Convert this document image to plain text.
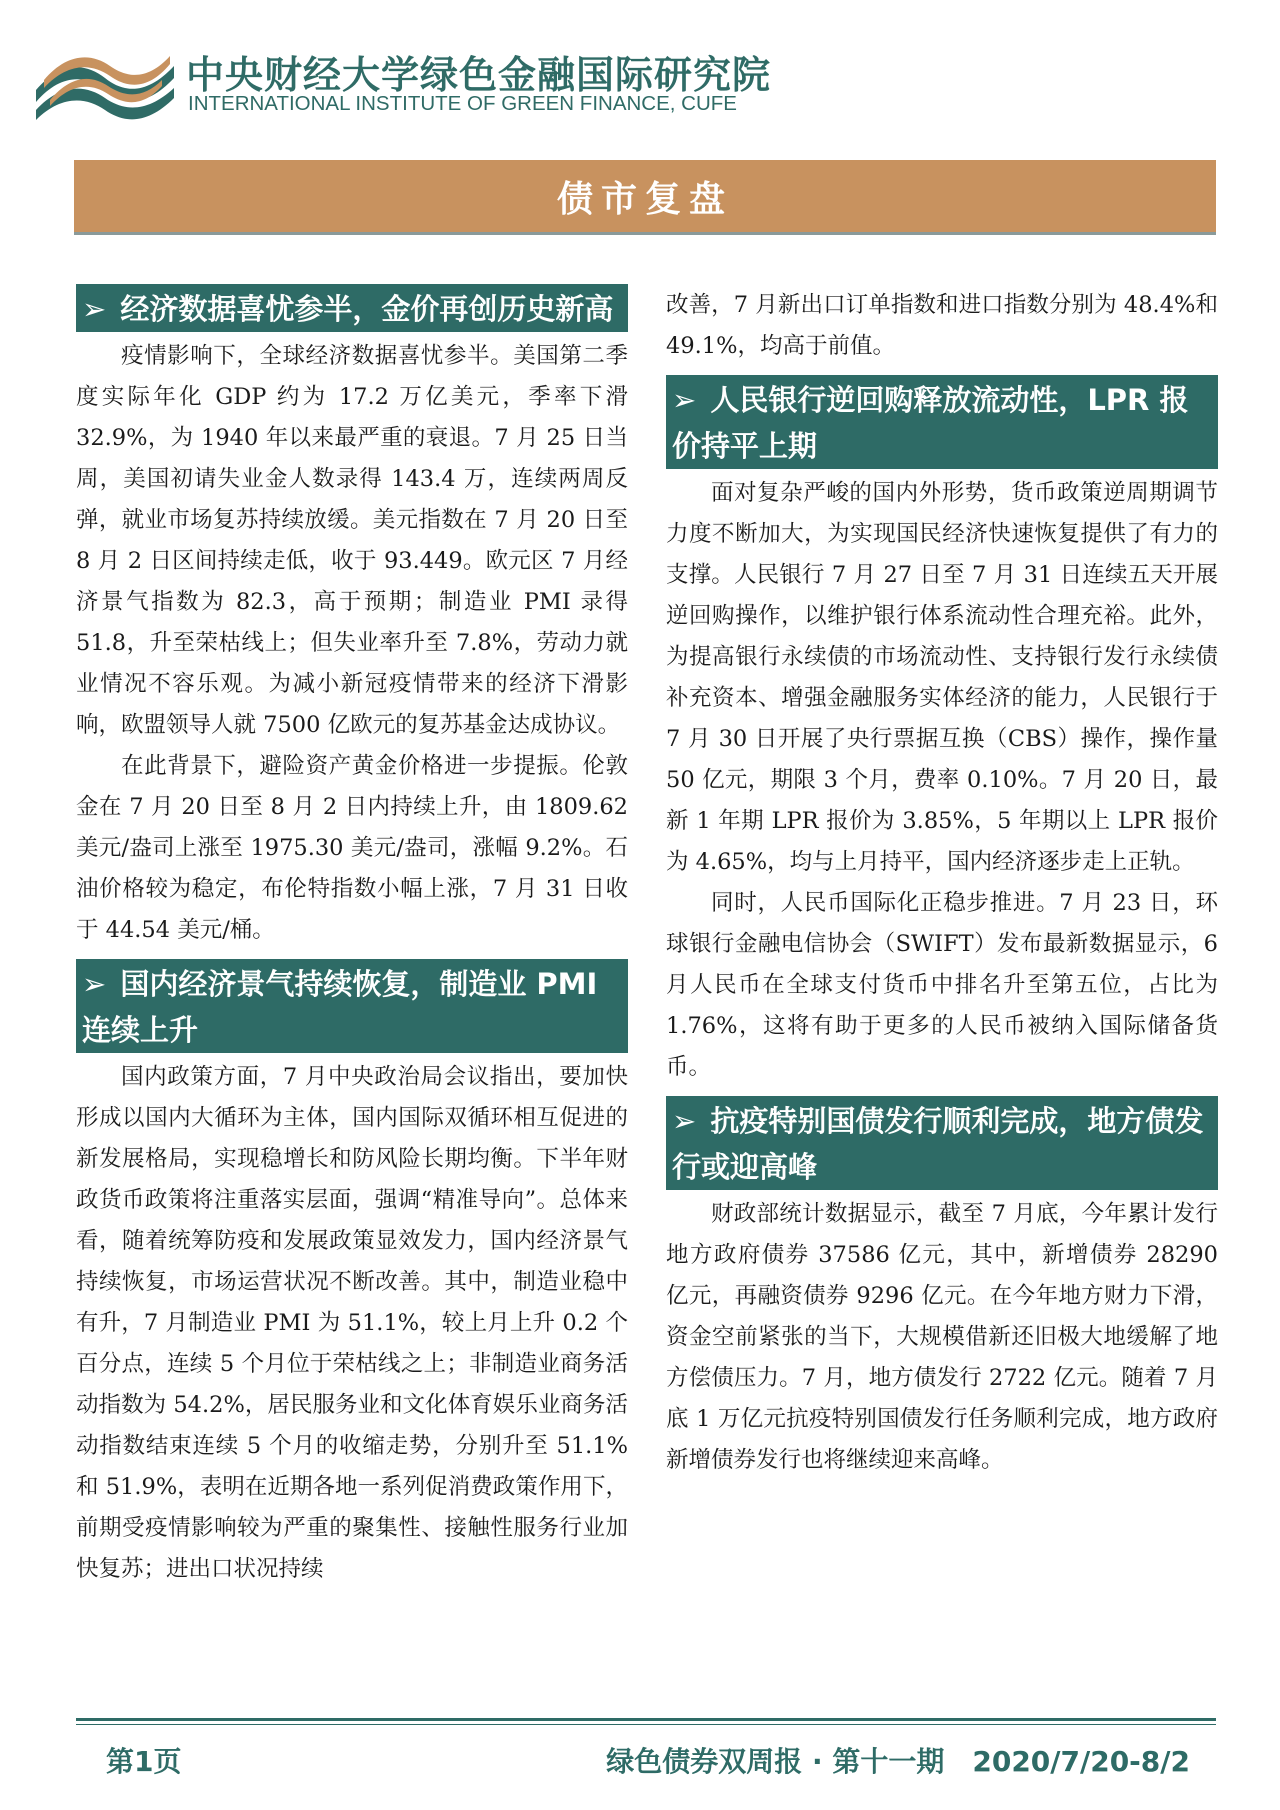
中央财经大学绿色金融国际研究院
INTERNATIONAL INSTITUTE OF GREEN FINANCE, CUFE
债市复盘
➢ 经济数据喜忧参半，金价再创历史新高

疫情影响下，全球经济数据喜忧参半。美国第二季度实际年化 GDP 约为 17.2 万亿美元，季率下滑 32.9%，为 1940 年以来最严重的衰退。7 月 25 日当周，美国初请失业金人数录得 143.4 万，连续两周反弹，就业市场复苏持续放缓。美元指数在 7 月 20 日至 8 月 2 日区间持续走低，收于 93.449。欧元区 7 月经济景气指数为 82.3，高于预期；制造业 PMI 录得 51.8，升至荣枯线上；但失业率升至 7.8%，劳动力就业情况不容乐观。为减小新冠疫情带来的经济下滑影响，欧盟领导人就 7500 亿欧元的复苏基金达成协议。

在此背景下，避险资产黄金价格进一步提振。伦敦金在 7 月 20 日至 8 月 2 日内持续上升，由 1809.62 美元/盎司上涨至 1975.30 美元/盎司，涨幅 9.2%。石油价格较为稳定，布伦特指数小幅上涨，7 月 31 日收于 44.54 美元/桶。

➢ 国内经济景气持续恢复，制造业 PMI 连续上升

国内政策方面，7 月中央政治局会议指出，要加快形成以国内大循环为主体，国内国际双循环相互促进的新发展格局，实现稳增长和防风险长期均衡。下半年财政货币政策将注重落实层面，强调“精准导向”。总体来看，随着统筹防疫和发展政策显效发力，国内经济景气持续恢复，市场运营状况不断改善。其中，制造业稳中有升，7 月制造业 PMI 为 51.1%，较上月上升 0.2 个百分点，连续 5 个月位于荣枯线之上；非制造业商务活动指数为 54.2%，居民服务业和文化体育娱乐业商务活动指数结束连续 5 个月的收缩走势，分别升至 51.1%和 51.9%，表明在近期各地一系列促消费政策作用下，前期受疫情影响较为严重的聚集性、接触性服务行业加快复苏；进出口状况持续

改善，7 月新出口订单指数和进口指数分别为 48.4%和 49.1%，均高于前值。

➢ 人民银行逆回购释放流动性，LPR 报价持平上期

面对复杂严峻的国内外形势，货币政策逆周期调节力度不断加大，为实现国民经济快速恢复提供了有力的支撑。人民银行 7 月 27 日至 7 月 31 日连续五天开展逆回购操作，以维护银行体系流动性合理充裕。此外，为提高银行永续债的市场流动性、支持银行发行永续债补充资本、增强金融服务实体经济的能力，人民银行于 7 月 30 日开展了央行票据互换（CBS）操作，操作量 50 亿元，期限 3 个月，费率 0.10%。7 月 20 日，最新 1 年期 LPR 报价为 3.85%，5 年期以上 LPR 报价为 4.65%，均与上月持平，国内经济逐步走上正轨。

同时，人民币国际化正稳步推进。7 月 23 日，环球银行金融电信协会（SWIFT）发布最新数据显示，6 月人民币在全球支付货币中排名升至第五位，占比为 1.76%，这将有助于更多的人民币被纳入国际储备货币。

➢ 抗疫特别国债发行顺利完成，地方债发行或迎高峰

财政部统计数据显示，截至 7 月底，今年累计发行地方政府债券 37586 亿元，其中，新增债券 28290 亿元，再融资债券 9296 亿元。在今年地方财力下滑，资金空前紧张的当下，大规模借新还旧极大地缓解了地方偿债压力。7 月，地方债发行 2722 亿元。随着 7 月底 1 万亿元抗疫特别国债发行任务顺利完成，地方政府新增债券发行也将继续迎来高峰。

第1页	绿色债券双周报 · 第十一期　2020/7/20-8/2
